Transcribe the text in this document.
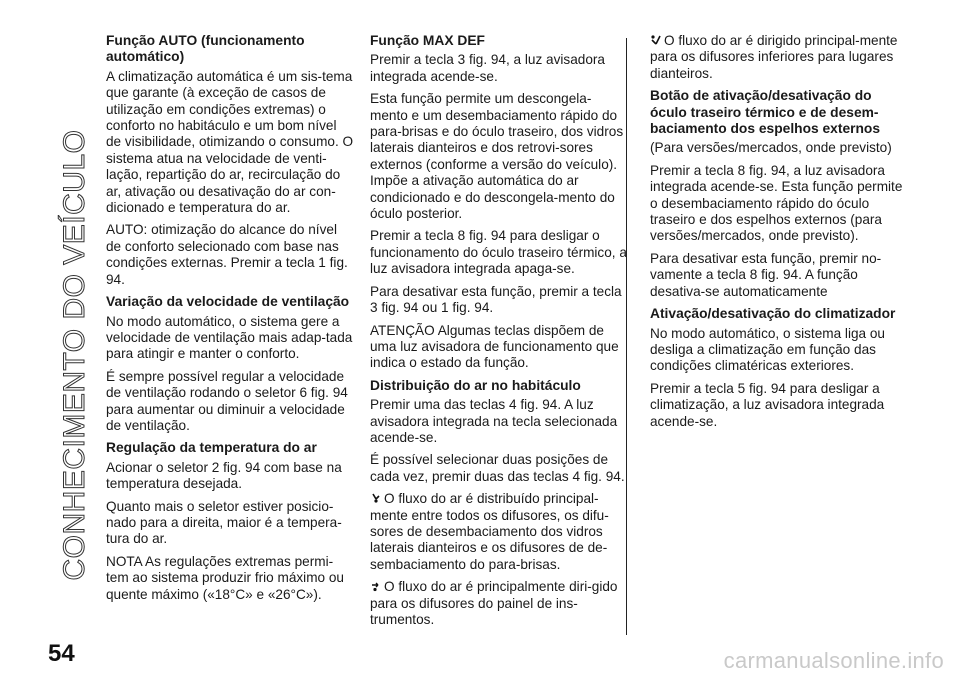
CONHECIMENTO DO VEÍCULO
Função AUTO (funcionamento automático)

A climatização automática é um sis-tema que garante (à exceção de casos de utilização em condições extremas) o conforto no habitáculo e um bom nível de visibilidade, otimizando o consumo. O sistema atua na velocidade de venti-lação, repartição do ar, recirculação do ar, ativação ou desativação do ar con-dicionado e temperatura do ar.

AUTO: otimização do alcance do nível de conforto selecionado com base nas condições externas. Premir a tecla 1 fig. 94.

Variação da velocidade de ventilação

No modo automático, o sistema gere a velocidade de ventilação mais adap-tada para atingir e manter o conforto.

É sempre possível regular a velocidade de ventilação rodando o seletor 6 fig. 94 para aumentar ou diminuir a velocidade de ventilação.

Regulação da temperatura do ar

Acionar o seletor 2 fig. 94 com base na temperatura desejada.

Quanto mais o seletor estiver posicio-nado para a direita, maior é a tempera-tura do ar.

NOTA As regulações extremas permi-tem ao sistema produzir frio máximo ou quente máximo («18°C» e «26°C»).

Função MAX DEF

Premir a tecla 3 fig. 94, a luz avisadora integrada acende-se.

Esta função permite um descongela-mento e um desembaciamento rápido do para-brisas e do óculo traseiro, dos vidros laterais dianteiros e dos retrovi-sores externos (conforme a versão do veículo). Impõe a ativação automática do ar condicionado e do descongela-mento do óculo posterior.

Premir a tecla 8 fig. 94 para desligar o funcionamento do óculo traseiro térmico, a luz avisadora integrada apaga-se.

Para desativar esta função, premir a tecla 3 fig. 94 ou 1 fig. 94.

ATENÇÃO Algumas teclas dispõem de uma luz avisadora de funcionamento que indica o estado da função.

Distribuição do ar no habitáculo

Premir uma das teclas 4 fig. 94. A luz avisadora integrada na tecla selecionada acende-se.

É possível selecionar duas posições de cada vez, premir duas das teclas 4 fig. 94.

O fluxo do ar é distribuído principal-mente entre todos os difusores, os difu-sores de desembaciamento dos vidros laterais dianteiros e os difusores de de-sembaciamento do para-brisas.

O fluxo do ar é principalmente diri-gido para os difusores do painel de ins-trumentos.

O fluxo do ar é dirigido principal-mente para os difusores inferiores para lugares dianteiros.

Botão de ativação/desativação do óculo traseiro térmico e de desem-baciamento dos espelhos externos

(Para versões/mercados, onde previsto)

Premir a tecla 8 fig. 94, a luz avisadora integrada acende-se. Esta função permite o desembaciamento rápido do óculo traseiro e dos espelhos externos (para versões/mercados, onde previsto).

Para desativar esta função, premir no-vamente a tecla 8 fig. 94. A função desativa-se automaticamente

Ativação/desativação do climatizador

No modo automático, o sistema liga ou desliga a climatização em função das condições climatéricas exteriores.

Premir a tecla 5 fig. 94 para desligar a climatização, a luz avisadora integrada acende-se.

54	carmanualsonline.info
